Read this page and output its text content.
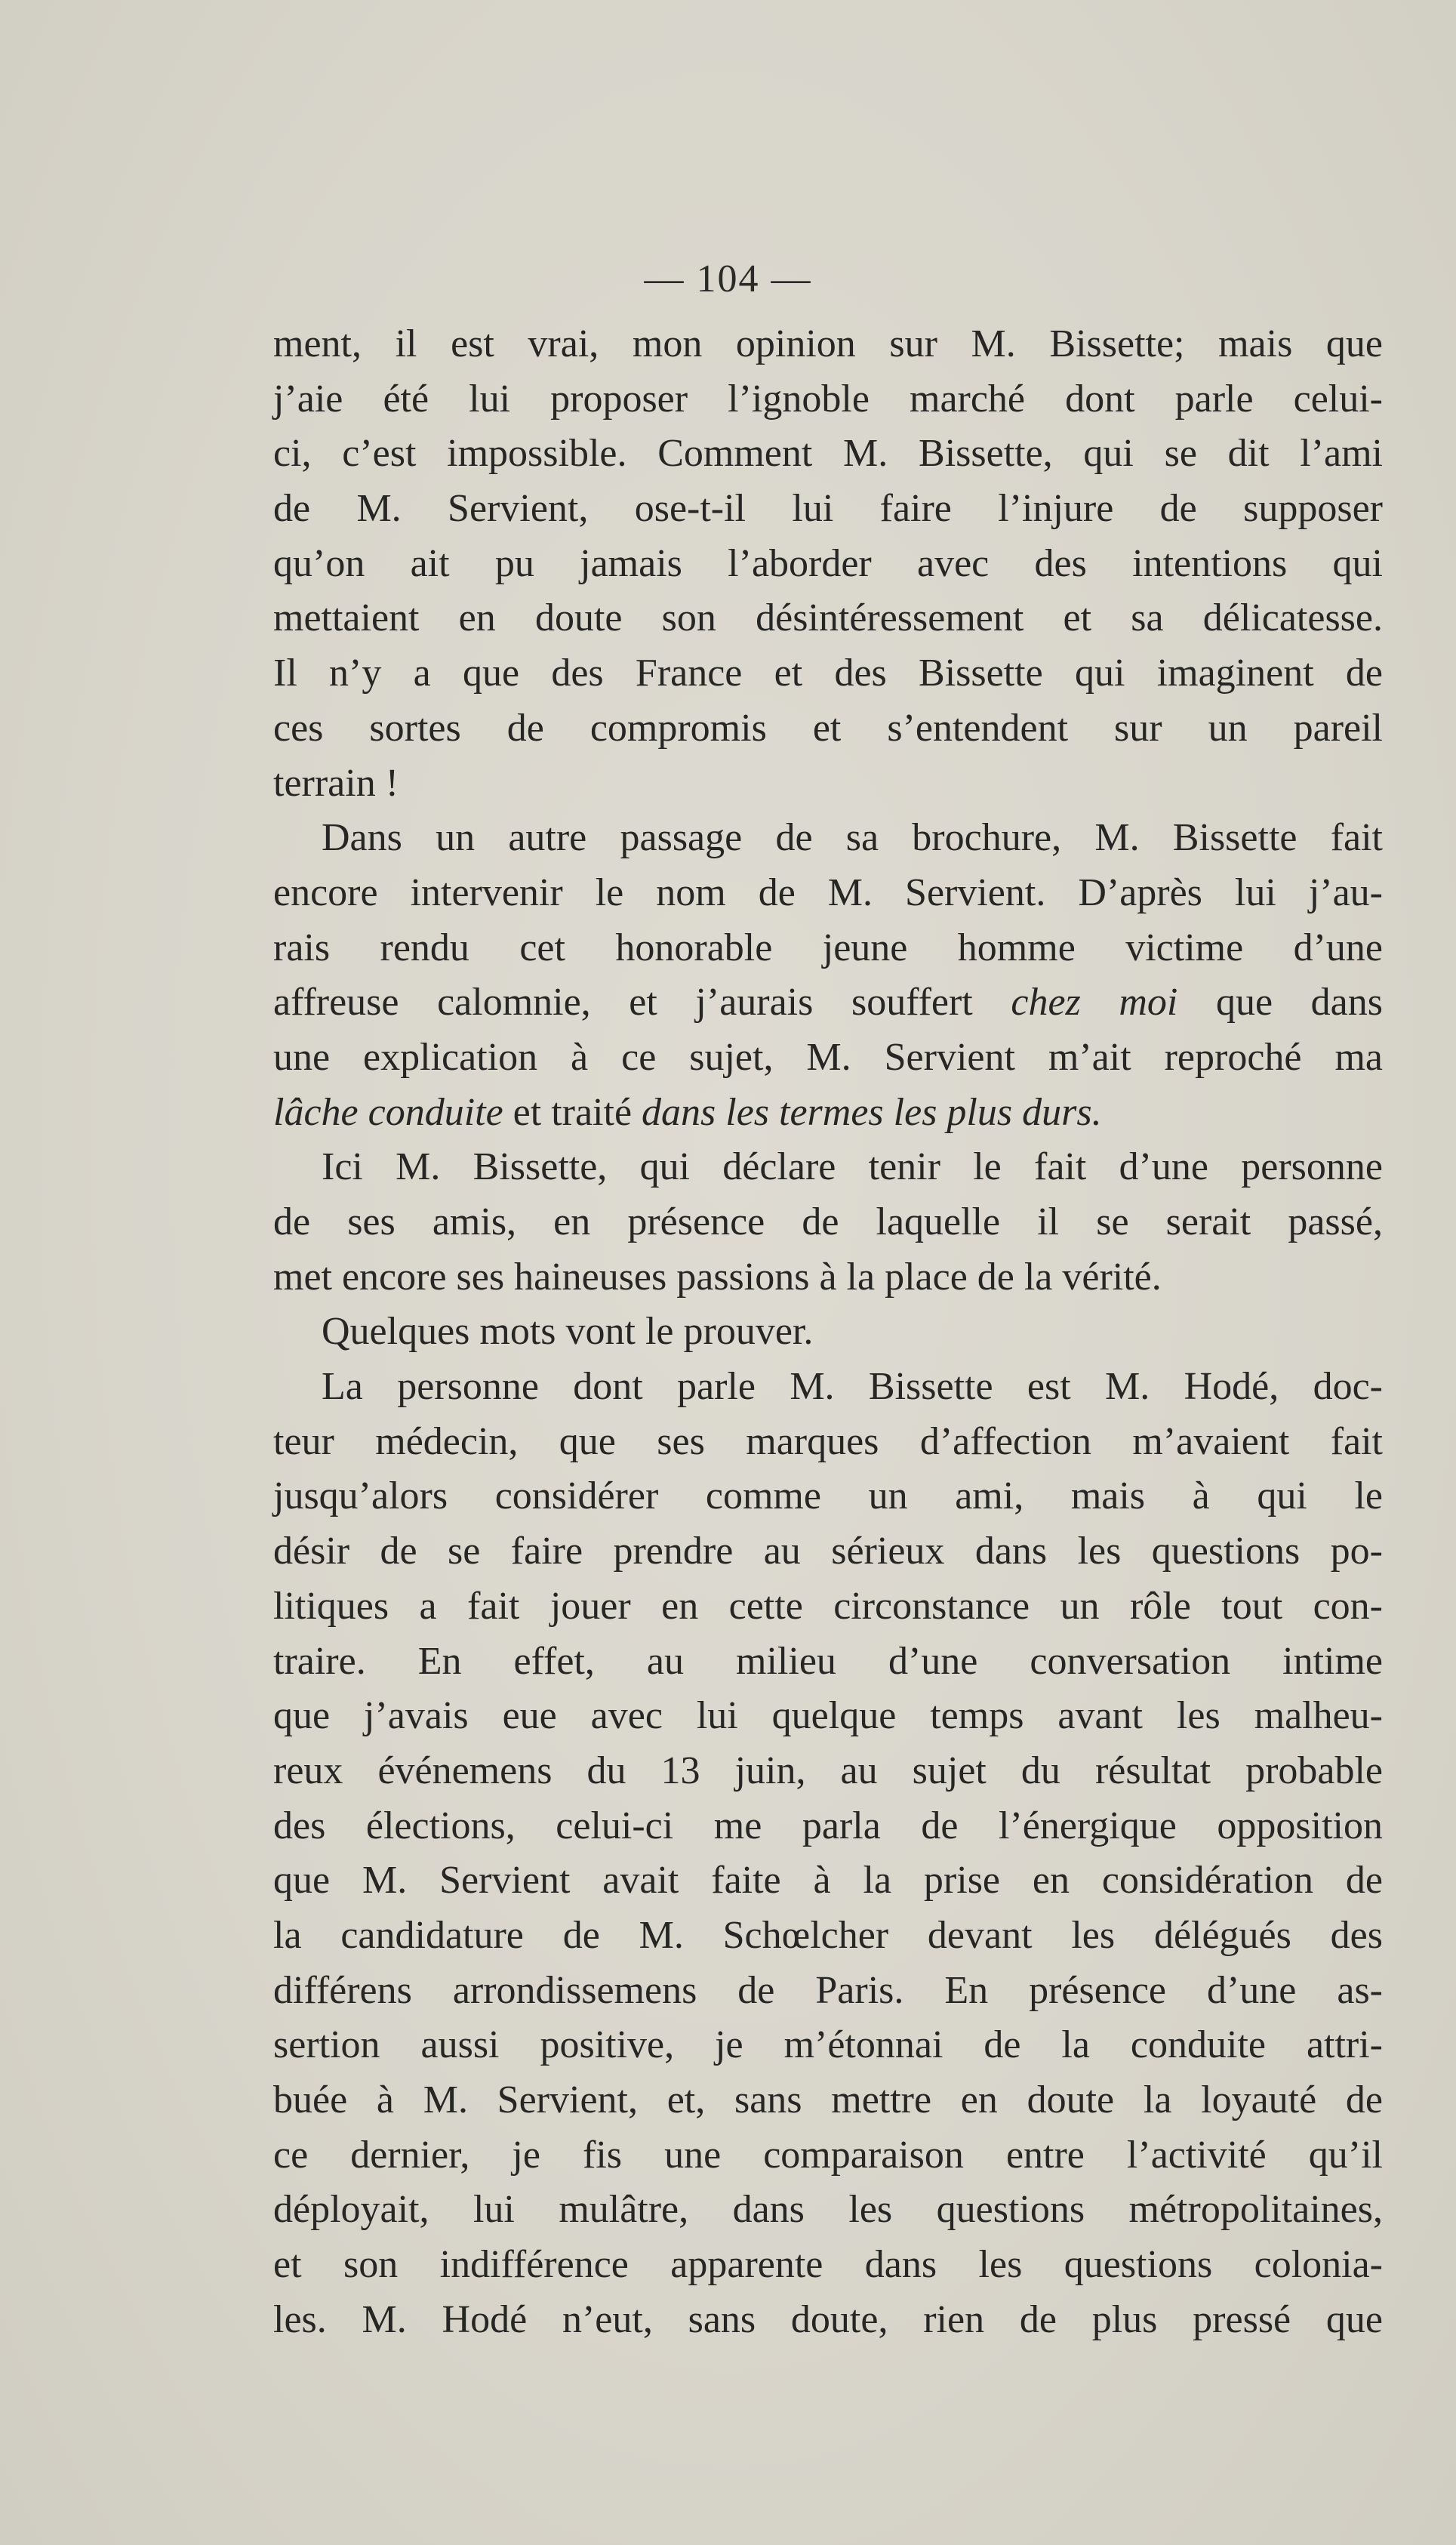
— 104 —
ment, il est vrai, mon opinion sur M. Bissette; mais que
j’aie été lui proposer l’ignoble marché dont parle celui-
ci, c’est impossible. Comment M. Bissette, qui se dit l’ami
de M. Servient, ose-t-il lui faire l’injure de supposer
qu’on ait pu jamais l’aborder avec des intentions qui
mettaient en doute son désintéressement et sa délicatesse.
Il n’y a que des France et des Bissette qui imaginent de
ces sortes de compromis et s’entendent sur un pareil
terrain !
Dans un autre passage de sa brochure, M. Bissette fait
encore intervenir le nom de M. Servient. D’après lui j’au-
rais rendu cet honorable jeune homme victime d’une
affreuse calomnie, et j’aurais souffert chez moi que dans
une explication à ce sujet, M. Servient m’ait reproché ma
lâche conduite et traité dans les termes les plus durs.
Ici M. Bissette, qui déclare tenir le fait d’une personne
de ses amis, en présence de laquelle il se serait passé,
met encore ses haineuses passions à la place de la vérité.
Quelques mots vont le prouver.
La personne dont parle M. Bissette est M. Hodé, doc-
teur médecin, que ses marques d’affection m’avaient fait
jusqu’alors considérer comme un ami, mais à qui le
désir de se faire prendre au sérieux dans les questions po-
litiques a fait jouer en cette circonstance un rôle tout con-
traire. En effet, au milieu d’une conversation intime
que j’avais eue avec lui quelque temps avant les malheu-
reux événemens du 13 juin, au sujet du résultat probable
des élections, celui-ci me parla de l’énergique opposition
que M. Servient avait faite à la prise en considération de
la candidature de M. Schœlcher devant les délégués des
différens arrondissemens de Paris. En présence d’une as-
sertion aussi positive, je m’étonnai de la conduite attri-
buée à M. Servient, et, sans mettre en doute la loyauté de
ce dernier, je fis une comparaison entre l’activité qu’il
déployait, lui mulâtre, dans les questions métropolitaines,
et son indifférence apparente dans les questions colonia-
les. M. Hodé n’eut, sans doute, rien de plus pressé que
